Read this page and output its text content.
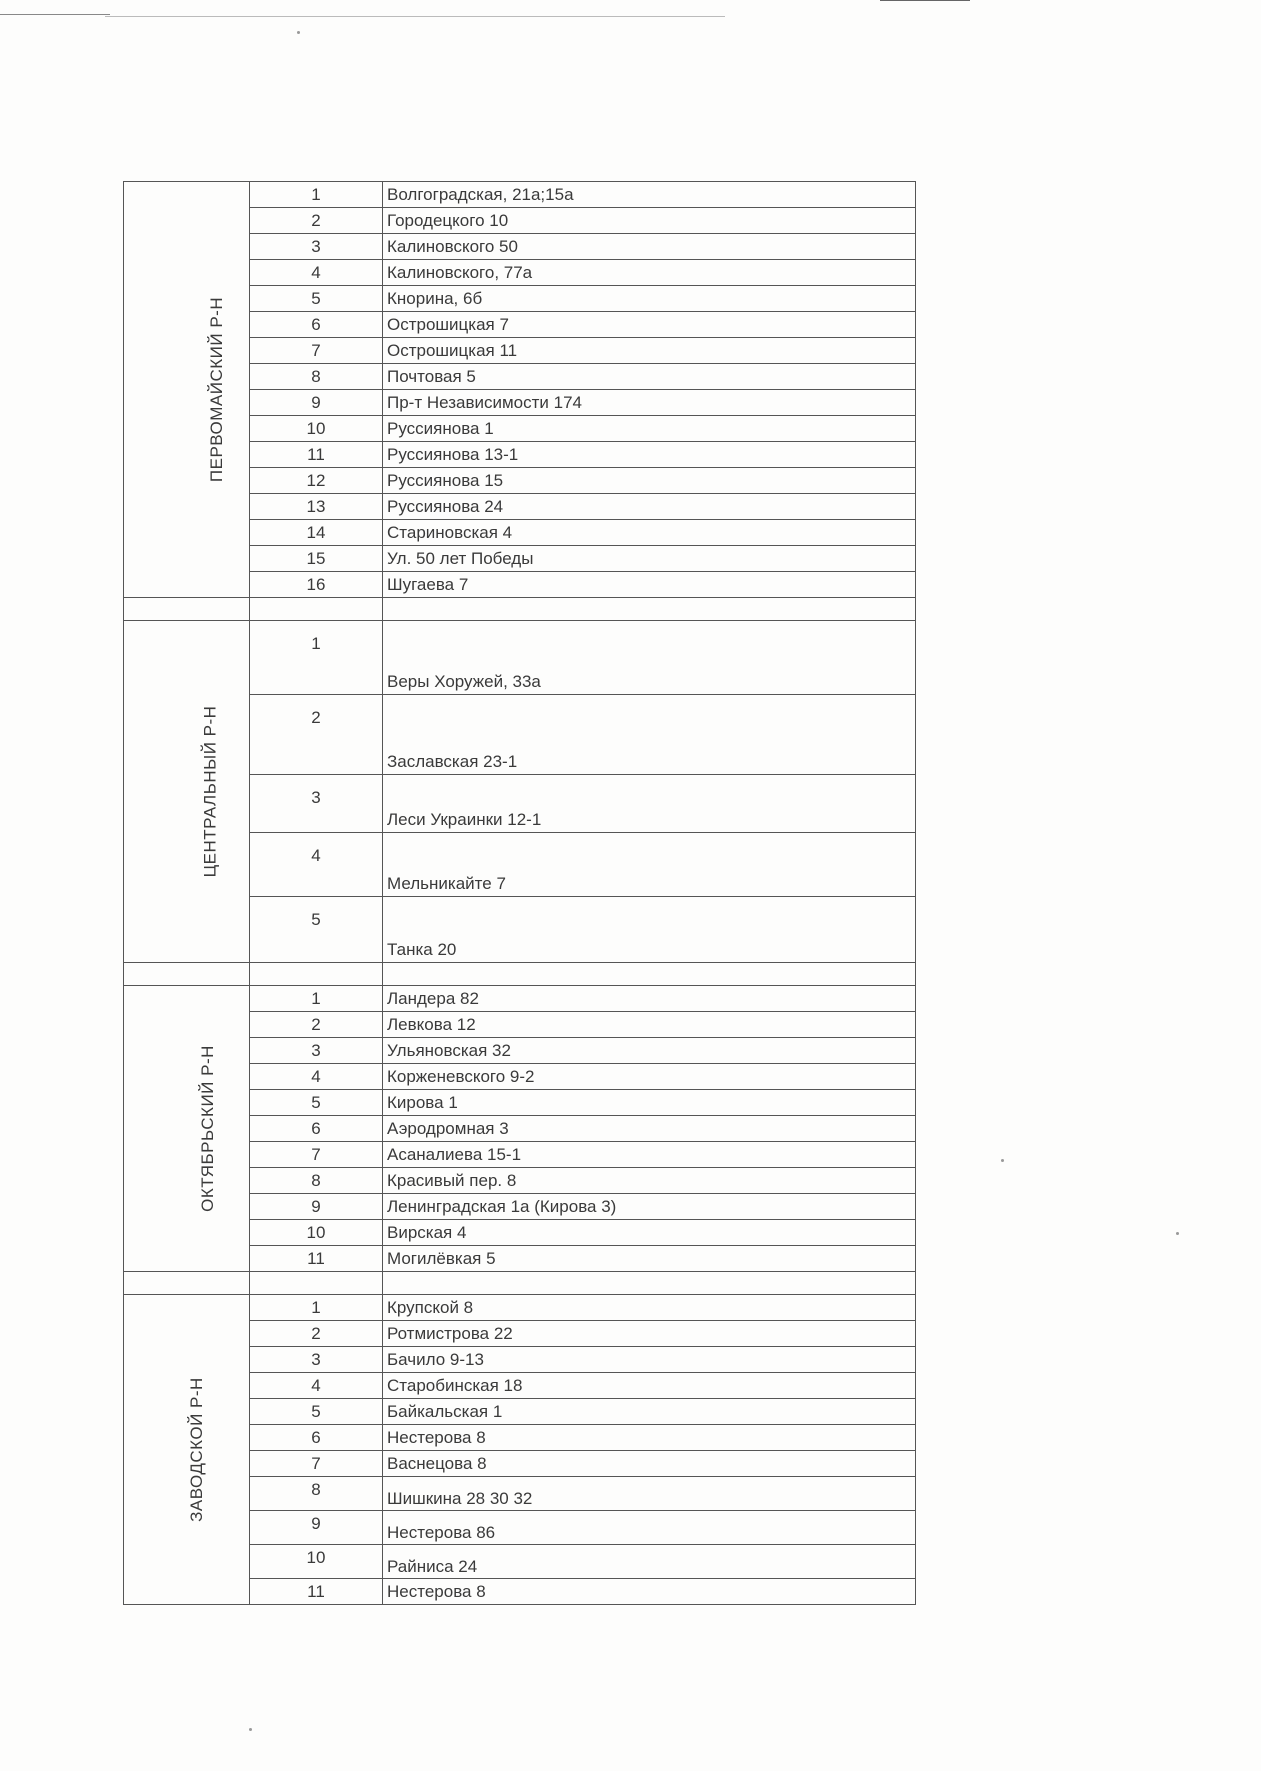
ПЕРВОМАЙСКИЙ Р-Н	1	Волгоградская, 21а;15а
	2	Городецкого 10
	3	Калиновского 50
	4	Калиновского, 77а
	5	Кнорина, 6б
	6	Острошицкая 7
	7	Острошицкая 11
	8	Почтовая 5
	9	Пр-т Независимости 174
	10	Руссиянова 1
	11	Руссиянова 13-1
	12	Руссиянова 15
	13	Руссиянова 24
	14	Стариновская 4
	15	Ул. 50 лет Победы
	16	Шугаева 7

ЦЕНТРАЛЬНЫЙ Р-Н	1	Веры Хоружей, 33а
	2	Заславская 23-1
	3	Леси Украинки 12-1
	4	Мельникайте 7
	5	Танка 20

ОКТЯБРЬСКИЙ Р-Н	1	Ландера 82
	2	Левкова 12
	3	Ульяновская 32
	4	Корженевского 9-2
	5	Кирова 1
	6	Аэродромная 3
	7	Асаналиева 15-1
	8	Красивый пер. 8
	9	Ленинградская 1а (Кирова 3)
	10	Вирская 4
	11	Могилёвкая 5

ЗАВОДСКОЙ Р-Н	1	Крупской 8
	2	Ротмистрова 22
	3	Бачило 9-13
	4	Старобинская 18
	5	Байкальская 1
	6	Нестерова 8
	7	Васнецова 8
	8	Шишкина 28 30 32
	9	Нестерова 86
	10	Райниса 24
	11	Нестерова 8
